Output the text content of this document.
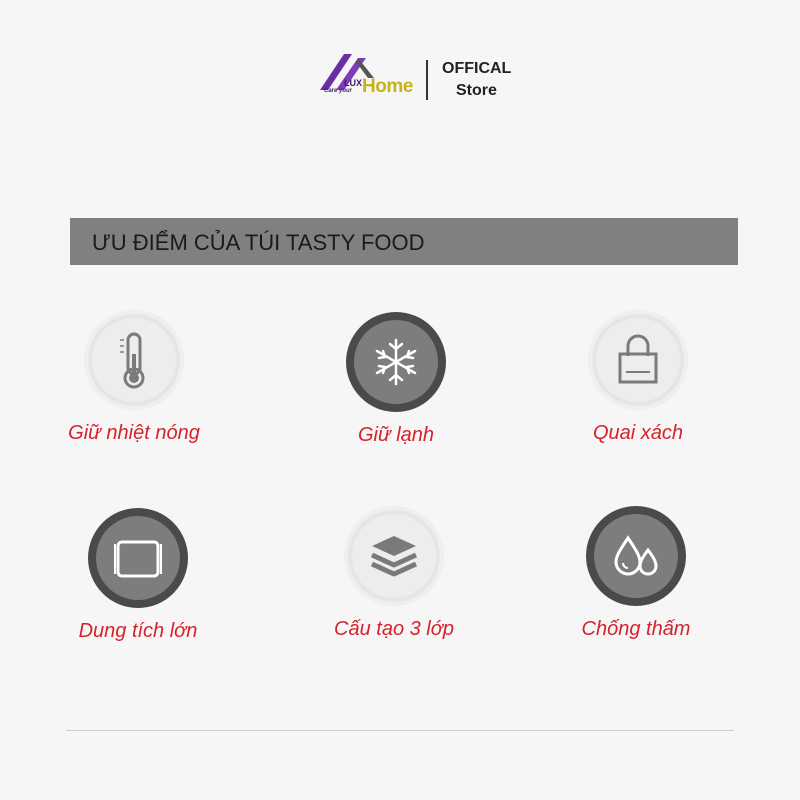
LUX
Care your Home
OFFICAL
Store
ƯU ĐIỂM CỦA TÚI TASTY FOOD
Giữ nhiệt nóng	Giữ lạnh	Quai xách
Dung tích lớn	Cấu tạo 3 lớp	Chống thấm
